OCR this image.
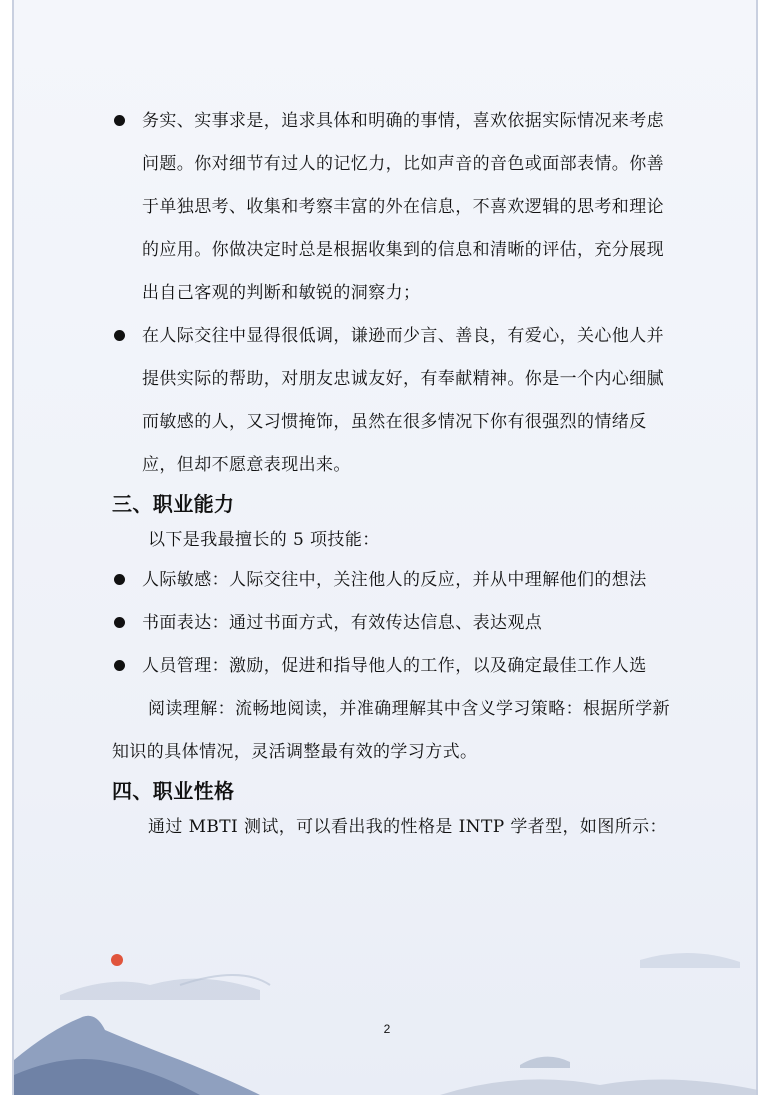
务实、实事求是，追求具体和明确的事情，喜欢依据实际情况来考虑问题。你对细节有过人的记忆力，比如声音的音色或面部表情。你善于单独思考、收集和考察丰富的外在信息，不喜欢逻辑的思考和理论的应用。你做决定时总是根据收集到的信息和清晰的评估，充分展现出自己客观的判断和敏锐的洞察力；
在人际交往中显得很低调，谦逊而少言、善良，有爱心，关心他人并提供实际的帮助，对朋友忠诚友好，有奉献精神。你是一个内心细腻而敏感的人，又习惯掩饰，虽然在很多情况下你有很强烈的情绪反应，但却不愿意表现出来。
三、职业能力

以下是我最擅长的 5 项技能：

人际敏感：人际交往中，关注他人的反应，并从中理解他们的想法
书面表达：通过书面方式，有效传达信息、表达观点
人员管理：激励，促进和指导他人的工作，以及确定最佳工作人选

阅读理解：流畅地阅读，并准确理解其中含义学习策略：根据所学新知识的具体情况，灵活调整最有效的学习方式。

四、职业性格

通过 MBTI 测试，可以看出我的性格是 INTP 学者型，如图所示：

2
